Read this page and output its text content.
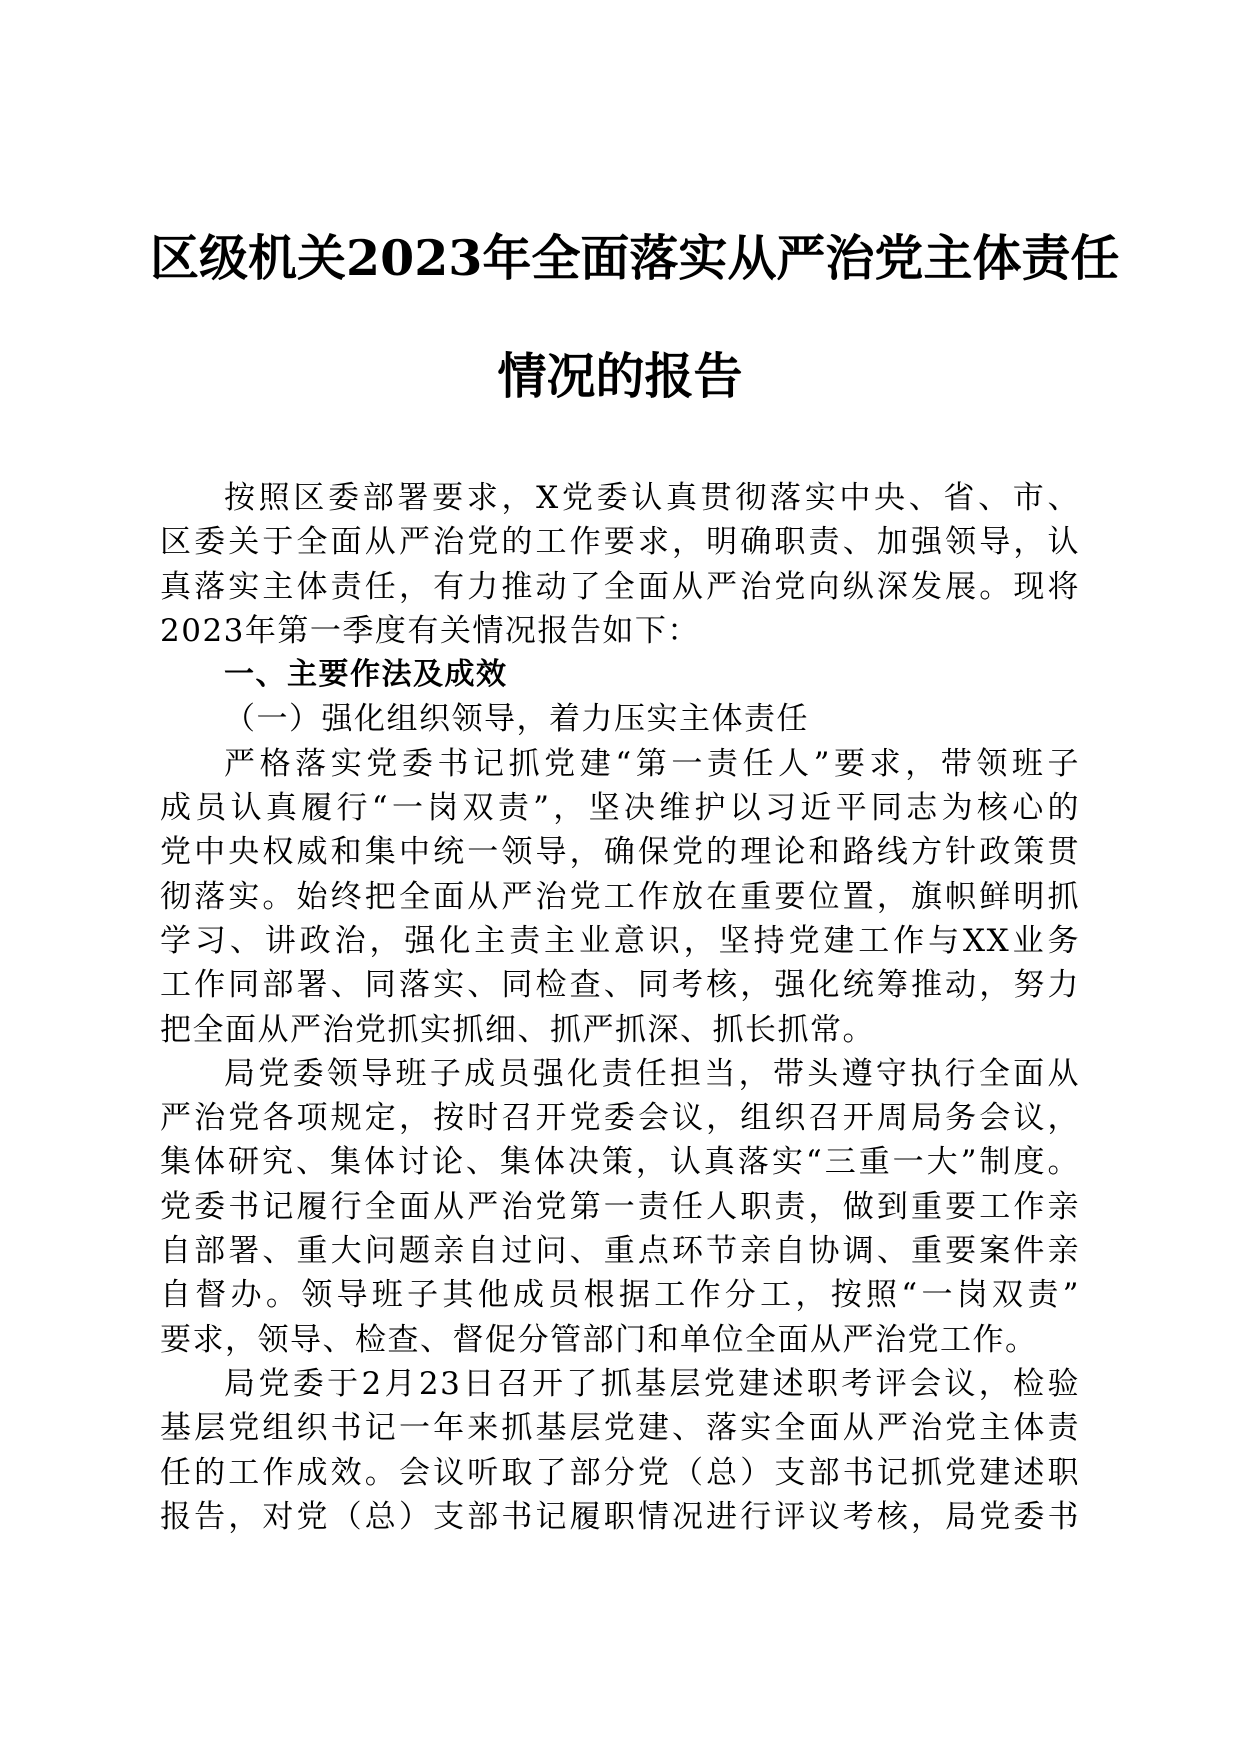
区级机关2023年全面落实从严治党主体责任
情况的报告
按照区委部署要求，X党委认真贯彻落实中央、省、市、
区委关于全面从严治党的工作要求，明确职责、加强领导，认
真落实主体责任，有力推动了全面从严治党向纵深发展。现将
2023年第一季度有关情况报告如下：
一、主要作法及成效
（一）强化组织领导，着力压实主体责任
严格落实党委书记抓党建“第一责任人”要求，带领班子
成员认真履行“一岗双责”，坚决维护以习近平同志为核心的
党中央权威和集中统一领导，确保党的理论和路线方针政策贯
彻落实。始终把全面从严治党工作放在重要位置，旗帜鲜明抓
学习、讲政治，强化主责主业意识，坚持党建工作与XX业务
工作同部署、同落实、同检查、同考核，强化统筹推动，努力
把全面从严治党抓实抓细、抓严抓深、抓长抓常。
局党委领导班子成员强化责任担当，带头遵守执行全面从
严治党各项规定，按时召开党委会议，组织召开周局务会议，
集体研究、集体讨论、集体决策，认真落实“三重一大”制度。
党委书记履行全面从严治党第一责任人职责，做到重要工作亲
自部署、重大问题亲自过问、重点环节亲自协调、重要案件亲
自督办。领导班子其他成员根据工作分工，按照“一岗双责”
要求，领导、检查、督促分管部门和单位全面从严治党工作。
局党委于2月23日召开了抓基层党建述职考评会议，检验
基层党组织书记一年来抓基层党建、落实全面从严治党主体责
任的工作成效。会议听取了部分党（总）支部书记抓党建述职
报告，对党（总）支部书记履职情况进行评议考核，局党委书
